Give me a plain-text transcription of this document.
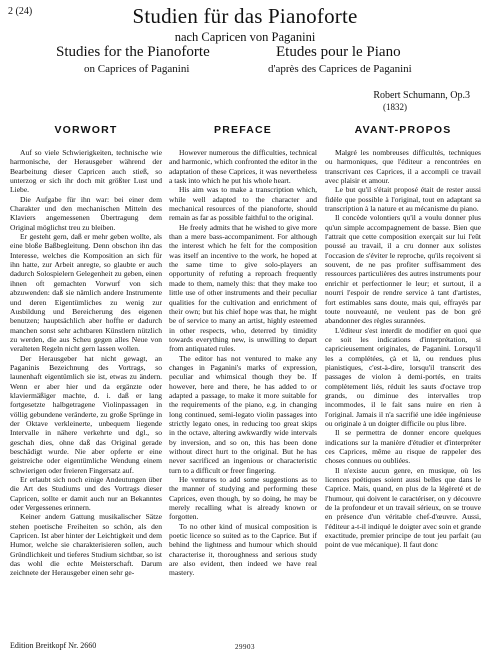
2 (24)	Studien für das Pianoforte
nach Capricen von Paganini
Studies for the Pianoforte
on Caprices of Paganini
Etudes pour le Piano
d'après des Caprices de Paganini
Robert Schumann, Op.3
(1832)
VORWORT

Auf so viele Schwierigkeiten, technische wie harmonische, der Herausgeber während der Bearbeitung dieser Capricen auch stieß, so unterzog er sich ihr doch mit größter Lust und Liebe.

Die Aufgabe für ihn war: bei einer dem Charakter und den mechanischen Mitteln des Klaviers angemessenen Übertragung dem Original möglichst treu zu bleiben.

Er gesteht gern, daß er mehr geben wollte, als eine bloße Baßbegleitung. Denn obschon ihn das Interesse, welches die Komposition an sich für ihn hatte, zur Arbeit anregte, so glaubte er auch dadurch Solospielern Gelegenheit zu geben, einen ihnen oft gemachten Vorwurf von sich abzuwenden: daß sie nämlich andere Instrumente und deren Eigentümliches zu wenig zur Ausbildung und Bereicherung des eigenen benutzen; hauptsächlich aber hoffte er dadurch manchen sonst sehr achtbaren Künstlern nützlich zu werden, die aus Scheu gegen alles Neue von veralteten Regeln nicht gern lassen wollen.

Der Herausgeber hat nicht gewagt, an Paganinis Bezeichnung des Vortrags, so launenhaft eigentümlich sie ist, etwas zu ändern. Wenn er aber hier und da ergänzte oder klaviermäßiger machte, d. i. daß er lang fortgesetzte halbgetragene Violinpassagen in völlig gebundene veränderte, zu große Sprünge in der Oktave verkleinerte, unbequem liegende Intervalle in nähere verkehrte und dgl., so geschah dies, ohne daß das Original gerade beschädigt wurde. Nie aber opferte er eine geistreiche oder eigentümliche Wendung einem schwierigen oder freieren Fingersatz auf.

Er erlaubt sich noch einige Andeutungen über die Art des Studiums und des Vortrags dieser Capricen, sollte er damit auch nur an Bekanntes oder Vergessenes erinnern.

Keiner andern Gattung musikalischer Sätze stehen poetische Freiheiten so schön, als den Capricen. Ist aber hinter der Leichtigkeit und dem Humor, welche sie charakterisieren sollen, auch Gründlichkeit und tieferes Studium sichtbar, so ist das wohl die echte Meisterschaft. Darum zeichnete der Herausgeber einen sehr ge-

PREFACE

However numerous the difficulties, technical and harmonic, which confronted the editor in the adaptation of these Caprices, it was nevertheless a task into which he put his whole heart.

His aim was to make a transcription which, while well adapted to the character and mechanical resources of the pianoforte, should remain as far as possible faithful to the original.

He freely admits that he wished to give more than a mere bass-accompaniment. For although the interest which he felt for the composition was itself an incentive to the work, he hoped at the same time to give solo-players an opportunity of refuting a reproach frequently made to them, namely this: that they make too little use of other instruments and their peculiar qualities for the cultivation and enrichment of their own; but his chief hope was that, he might be of service to many an artist, highly esteemed in other respects, who, deterred by timidity towards everything new, is unwilling to depart from antiquated rules.

The editor has not ventured to make any changes in Paganini's marks of expression, peculiar and whimsical though they be. If however, here and there, he has added to or adapted a passage, to make it more suitable for the requirements of the piano, e.g. in changing long continued, semi-legato violin passages into strictly legato ones, in reducing too great skips in the octave, altering awkwardly wide intervals by inversion, and so on, this has been done without direct hurt to the original. But he has never sacrificed an ingenious or characteristic turn to a difficult or freer fingering.

He ventures to add some suggestions as to the manner of studying and performing these Caprices, even though, by so doing, he may be merely recalling what is already known or forgotten.

To no other kind of musical composition is poetic licence so suited as to the Caprice. But if behind the lightness and humour which should characterise it, thoroughness and serious study are also evident, then indeed we have real mastery.

AVANT-PROPOS

Malgré les nombreuses difficultés, techniques ou harmoniques, que l'éditeur a rencontrées en transcrivant ces Caprices, il a accompli ce travail avec plaisir et amour.

Le but qu'il s'était proposé était de rester aussi fidèle que possible à l'original, tout en adaptant sa transcription à la nature et au mécanisme du piano.

Il concède volontiers qu'il a voulu donner plus qu'un simple accompagnement de basse. Bien que l'attrait que cette composition exerçait sur lui l'eût poussé au travail, il a cru donner aux solistes l'occasion de s'éviter le reproche, qu'ils reçoivent si souvent, de ne pas profiter suffisamment des ressources particulières des autres instruments pour enrichir et perfectionner le leur; et surtout, il a nourri l'espoir de rendre service à tant d'artistes, fort estimables sans doute, mais qui, effrayés par toute nouveauté, ne veulent pas de bon gré abandonner des règles surannées.

L'éditeur s'est interdit de modifier en quoi que ce soit les indications d'interprétation, si capricieusement originales, de Paganini. Lorsqu'il les a complétées, çà et là, ou rendues plus pianistiques, c'est-à-dire, lorsqu'il transcrit des passages de violon à demi-portés, en traits complètement liés, réduit les sauts d'octave trop grands, ou diminue des intervalles trop incommodes, il le fait sans nuire en rien à l'original. Jamais il n'a sacrifié une idée ingénieuse ou originale à un doigter difficile ou plus libre.

Il se permettra de donner encore quelques indications sur la manière d'étudier et d'interpréter ces Caprices, même au risque de rappeler des choses connues ou oubliées.

Il n'existe aucun genre, en musique, où les licences poétiques soient aussi belles que dans le Caprice. Mais, quand, en plus de la légèreté et de l'humour, qui doivent le caractériser, on y découvre de la profondeur et un travail sérieux, on se trouve en présence d'un véritable chef-d'œuvre. Aussi, l'éditeur a-t-il indiqué le doigter avec soin et grande exactitude, premier principe de tout jeu parfait (au point de vue mécanique). Il faut donc

Edition Breitkopf Nr. 2660	29903
